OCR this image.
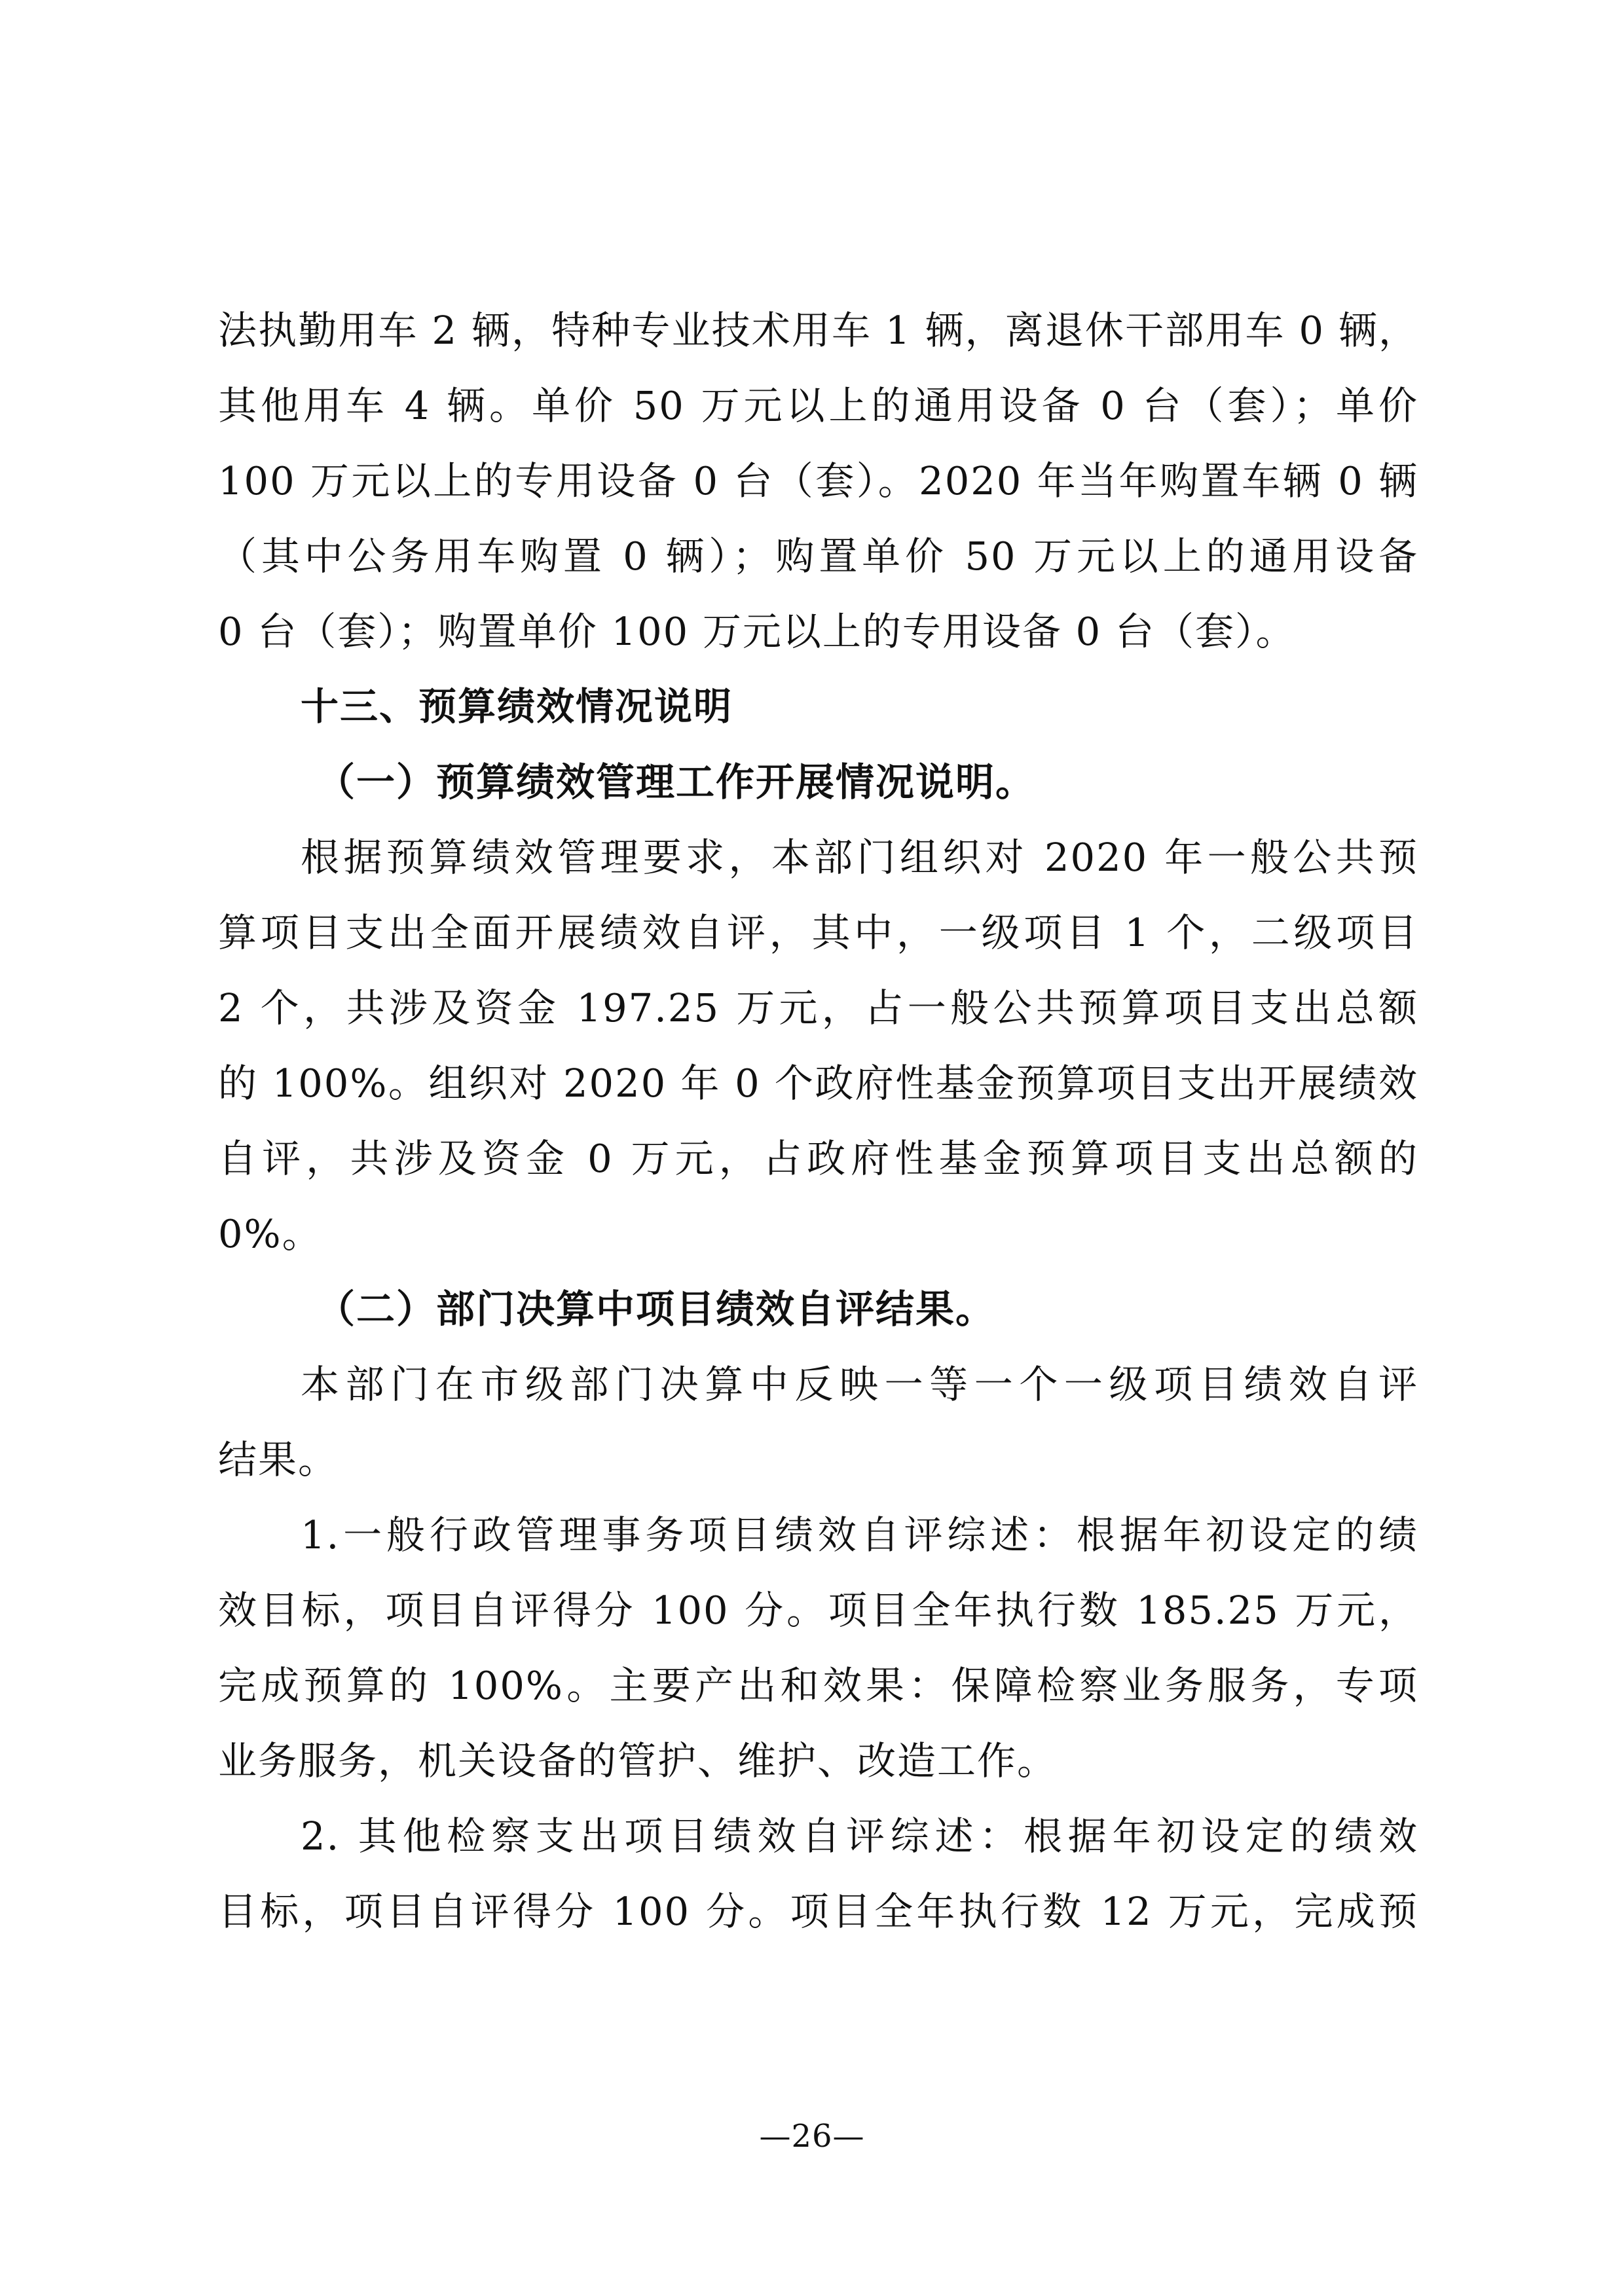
法执勤用车 2 辆，特种专业技术用车 1 辆，离退休干部用车 0 辆，
其他用车 4 辆。单价 50 万元以上的通用设备 0 台（套）；单价
100 万元以上的专用设备 0 台（套）。2020 年当年购置车辆 0 辆
（其中公务用车购置 0 辆）；购置单价 50 万元以上的通用设备
0 台（套）；购置单价 100 万元以上的专用设备 0 台（套）。
十三、预算绩效情况说明
（一）预算绩效管理工作开展情况说明。
根据预算绩效管理要求，本部门组织对 2020 年一般公共预
算项目支出全面开展绩效自评，其中，一级项目 1 个，二级项目
2 个，共涉及资金 197.25 万元，占一般公共预算项目支出总额
的 100%。组织对 2020 年 0 个政府性基金预算项目支出开展绩效
自评，共涉及资金 0 万元，占政府性基金预算项目支出总额的
0%。
（二）部门决算中项目绩效自评结果。
本部门在市级部门决算中反映一等一个一级项目绩效自评
结果。
1.一般行政管理事务项目绩效自评综述：根据年初设定的绩
效目标，项目自评得分 100 分。项目全年执行数 185.25 万元，
完成预算的 100%。主要产出和效果：保障检察业务服务，专项
业务服务，机关设备的管护、维护、改造工作。
2. 其他检察支出项目绩效自评综述：根据年初设定的绩效
目标，项目自评得分 100 分。项目全年执行数 12 万元，完成预
—26—
